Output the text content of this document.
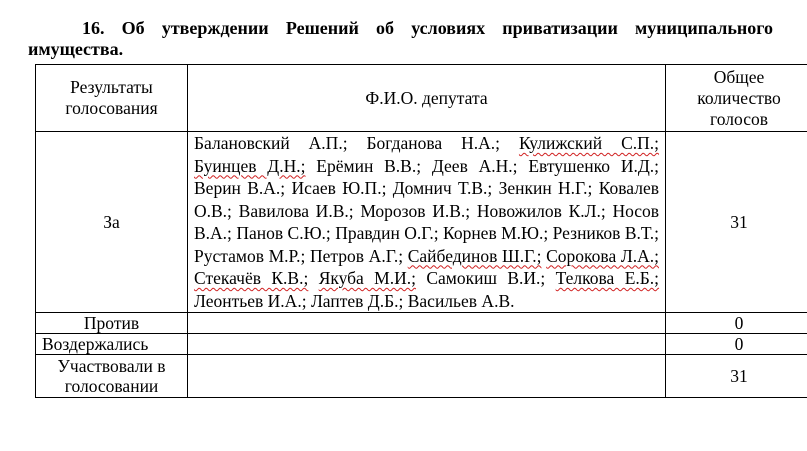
16. Об утверждении Решений об условиях приватизации муниципального имущества.
Результаты голосования	Ф.И.О. депутата	Общее количество голосов
За	Балановский А.П.; Богданова Н.А.; Кулижский С.П.;
Буинцев Д.Н.; Ерёмин В.В.; Деев А.Н.; Евтушенко И.Д.; Верин В.А.; Исаев Ю.П.; Домнич Т.В.; Зенкин Н.Г.; Ковалев О.В.; Вавилова И.В.; Морозов И.В.; Новожилов К.Л.; Носов В.А.; Панов С.Ю.; Правдин О.Г.; Корнев М.Ю.; Резников В.Т.; Рустамов М.Р.; Петров А.Г.; Сайбединов Ш.Г.; Сорокова Л.А.;
Стекачёв К.В.; Якуба М.И.; Самокиш В.И.; Телкова Е.Б.;
Леонтьев И.А.; Лаптев Д.Б.; Васильев А.В.	31
Против		0
Воздержались		0
Участвовали в голосовании		31
